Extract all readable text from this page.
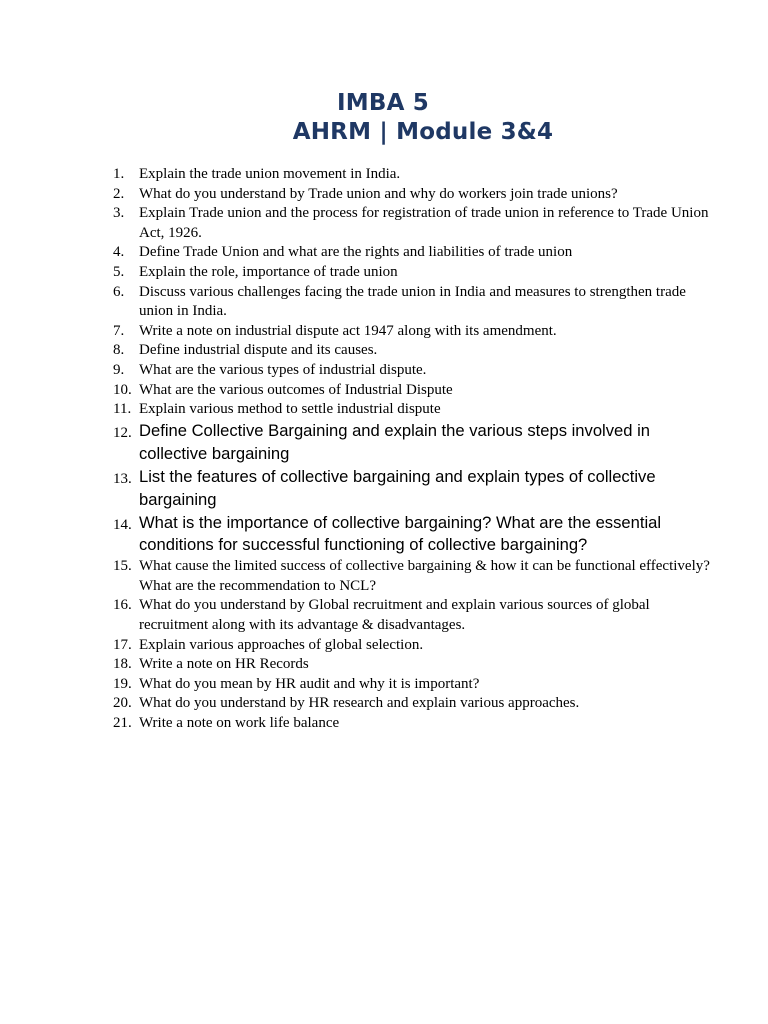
IMBA 5
AHRM | Module 3&4
1. Explain the trade union movement in India.
2. What do you understand by Trade union and why do workers join trade unions?
3. Explain Trade union and the process for registration of trade union in reference to Trade Union Act, 1926.
4. Define Trade Union and what are the rights and liabilities of trade union
5. Explain the role, importance of trade union
6. Discuss various challenges facing the trade union in India and measures to strengthen trade union in India.
7. Write a note on industrial dispute act 1947 along with its amendment.
8. Define industrial dispute and its causes.
9. What are the various types of industrial dispute.
10. What are the various outcomes of Industrial Dispute
11. Explain various method to settle industrial dispute
12. Define Collective Bargaining and explain the various steps involved in collective bargaining
13. List the features of collective bargaining and explain types of collective bargaining
14. What is the importance of collective bargaining? What are the essential conditions for successful functioning of collective bargaining?
15. What cause the limited success of collective bargaining & how it can be functional effectively? What are the recommendation to NCL?
16. What do you understand by Global recruitment and explain various sources of global recruitment along with its advantage & disadvantages.
17. Explain various approaches of global selection.
18. Write a note on HR Records
19. What do you mean by HR audit and why it is important?
20. What do you understand by HR research and explain various approaches.
21. Write a note on work life balance
